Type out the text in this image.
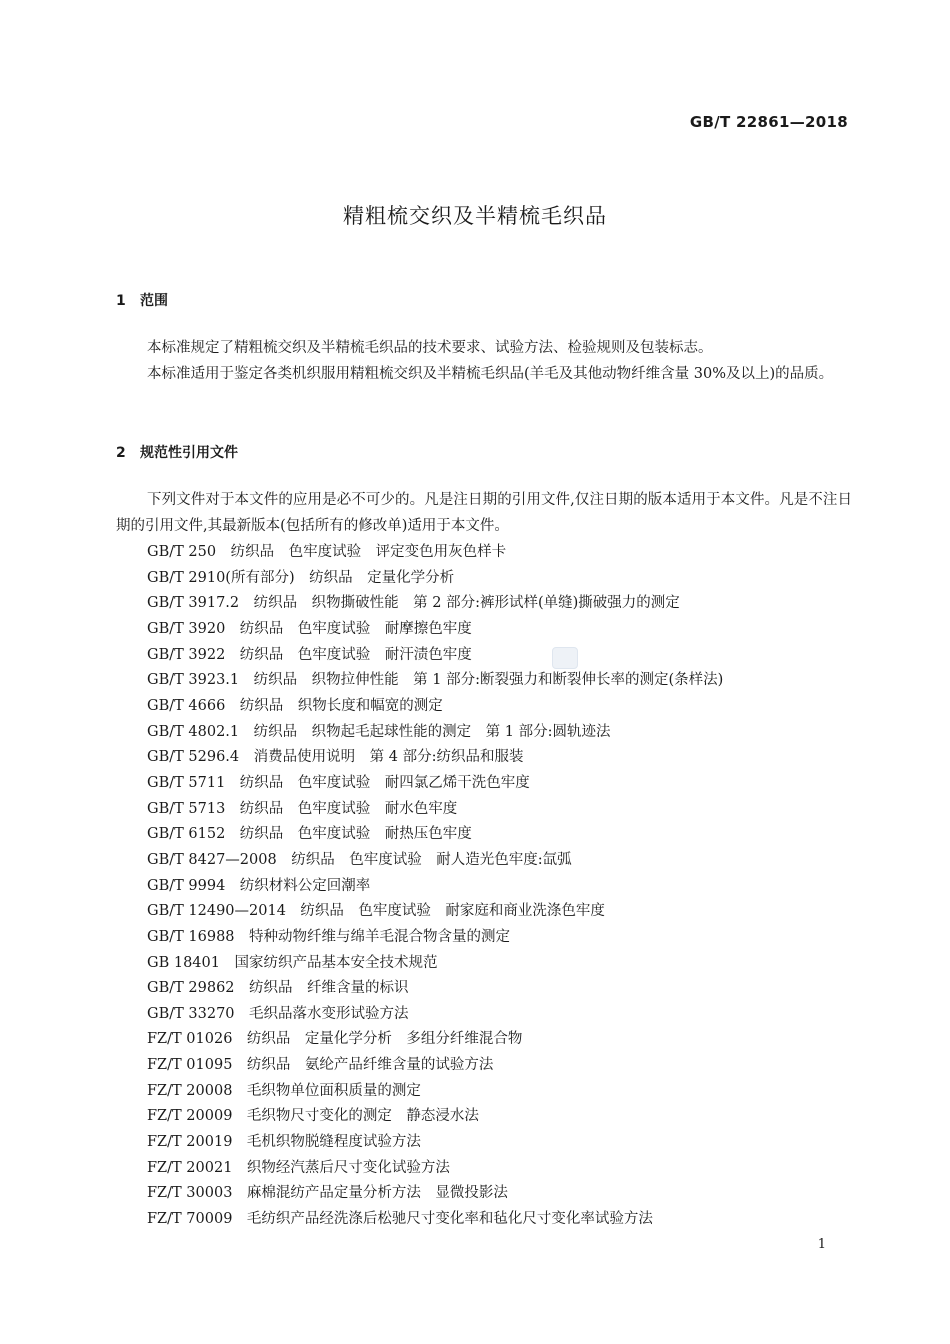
GB/T 22861—2018
精粗梳交织及半精梳毛织品
1 范围

本标准规定了精粗梳交织及半精梳毛织品的技术要求、试验方法、检验规则及包装标志。

本标准适用于鉴定各类机织服用精粗梳交织及半精梳毛织品(羊毛及其他动物纤维含量 30%及以上)的品质。

2 规范性引用文件

下列文件对于本文件的应用是必不可少的。凡是注日期的引用文件,仅注日期的版本适用于本文件。凡是不注日期的引用文件,其最新版本(包括所有的修改单)适用于本文件。

GB/T 250　纺织品　色牢度试验　评定变色用灰色样卡
GB/T 2910(所有部分)　纺织品　定量化学分析
GB/T 3917.2　纺织品　织物撕破性能　第 2 部分:裤形试样(单缝)撕破强力的测定
GB/T 3920　纺织品　色牢度试验　耐摩擦色牢度
GB/T 3922　纺织品　色牢度试验　耐汗渍色牢度
GB/T 3923.1　纺织品　织物拉伸性能　第 1 部分:断裂强力和断裂伸长率的测定(条样法)
GB/T 4666　纺织品　织物长度和幅宽的测定
GB/T 4802.1　纺织品　织物起毛起球性能的测定　第 1 部分:圆轨迹法
GB/T 5296.4　消费品使用说明　第 4 部分:纺织品和服装
GB/T 5711　纺织品　色牢度试验　耐四氯乙烯干洗色牢度
GB/T 5713　纺织品　色牢度试验　耐水色牢度
GB/T 6152　纺织品　色牢度试验　耐热压色牢度
GB/T 8427—2008　纺织品　色牢度试验　耐人造光色牢度:氙弧
GB/T 9994　纺织材料公定回潮率
GB/T 12490—2014　纺织品　色牢度试验　耐家庭和商业洗涤色牢度
GB/T 16988　特种动物纤维与绵羊毛混合物含量的测定
GB 18401　国家纺织产品基本安全技术规范
GB/T 29862　纺织品　纤维含量的标识
GB/T 33270　毛织品落水变形试验方法
FZ/T 01026　纺织品　定量化学分析　多组分纤维混合物
FZ/T 01095　纺织品　氨纶产品纤维含量的试验方法
FZ/T 20008　毛织物单位面积质量的测定
FZ/T 20009　毛织物尺寸变化的测定　静态浸水法
FZ/T 20019　毛机织物脱缝程度试验方法
FZ/T 20021　织物经汽蒸后尺寸变化试验方法
FZ/T 30003　麻棉混纺产品定量分析方法　显微投影法
FZ/T 70009　毛纺织产品经洗涤后松驰尺寸变化率和毡化尺寸变化率试验方法
1
